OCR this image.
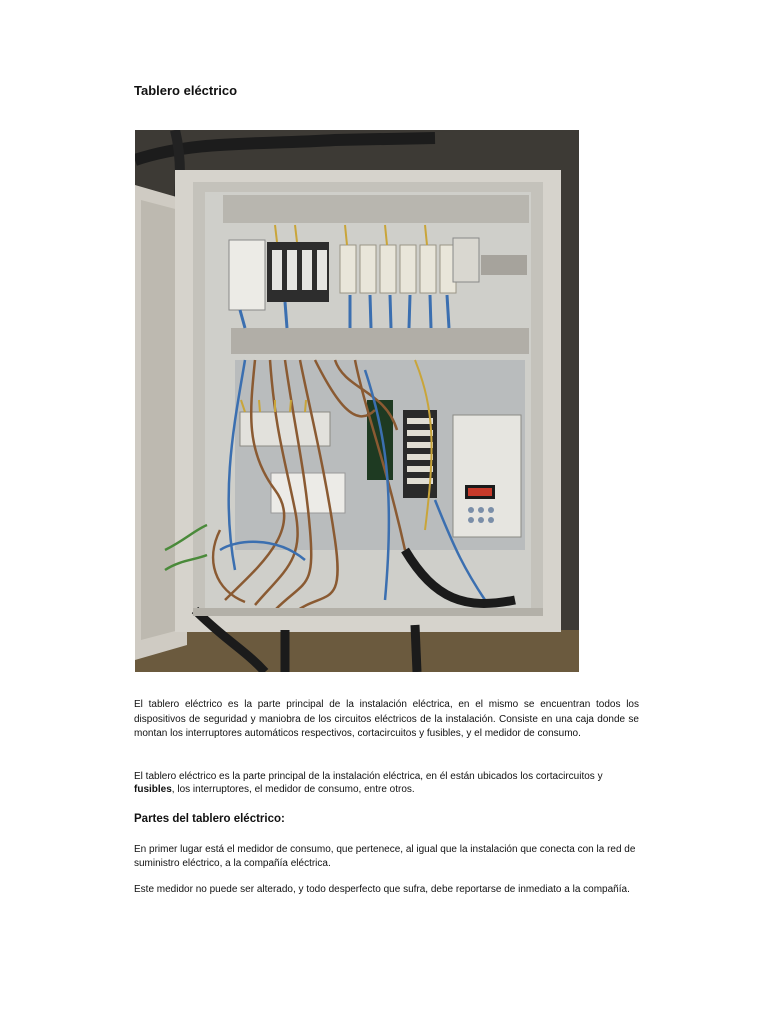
Tablero eléctrico

El tablero eléctrico es la parte principal de la instalación eléctrica, en el mismo se encuentran todos los dispositivos de seguridad y maniobra de los circuitos eléctricos de la instalación. Consiste en una caja donde se montan los interruptores automáticos respectivos, cortacircuitos y fusibles, y el medidor de consumo.

El tablero eléctrico es la parte principal de la instalación eléctrica, en él están ubicados los cortacircuitos y fusibles, los interruptores, el medidor de consumo, entre otros.

Partes del tablero eléctrico:

En primer lugar está el medidor de consumo, que pertenece, al igual que la instalación que conecta con la red de suministro eléctrico, a la compañía eléctrica.

Este medidor no puede ser alterado, y todo desperfecto que sufra, debe reportarse de inmediato a la compañía.
